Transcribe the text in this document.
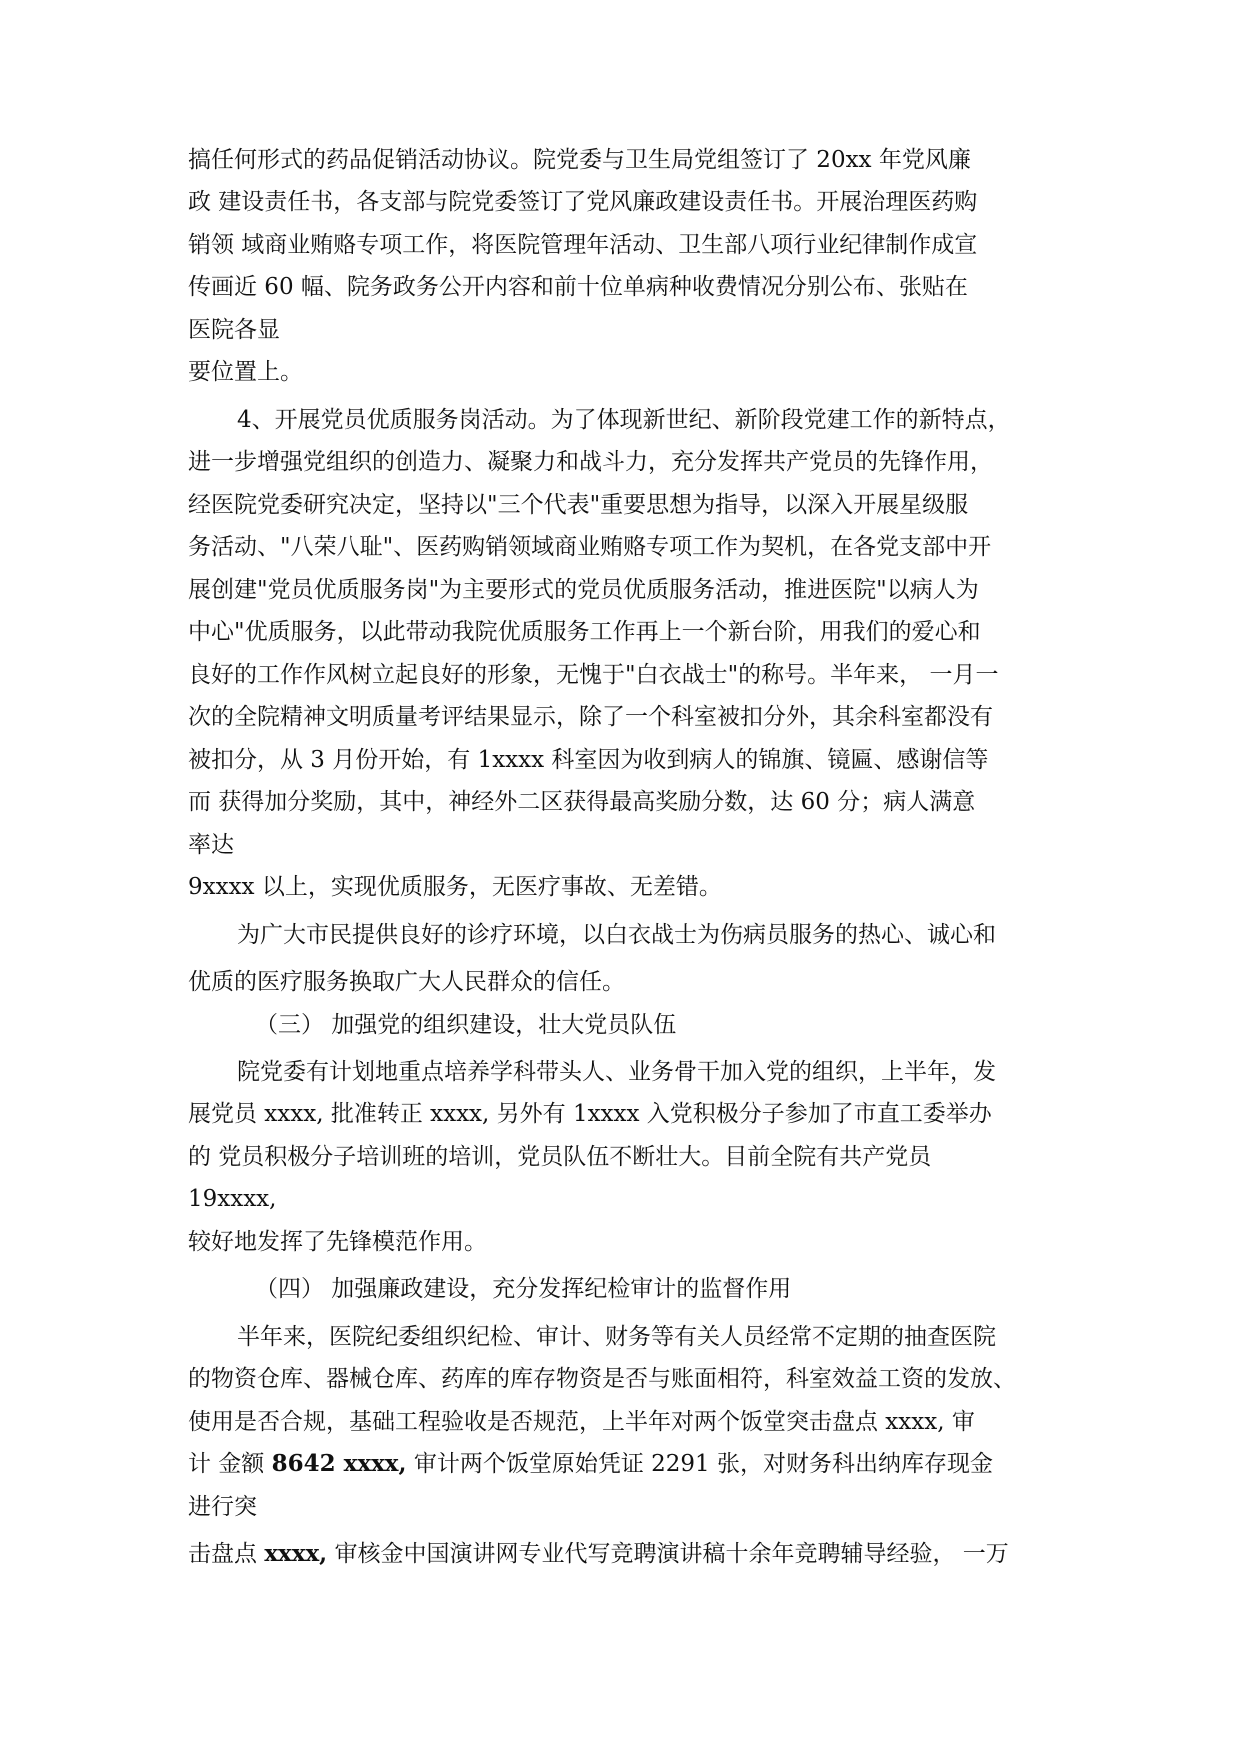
搞任何形式的药品促销活动协议。院党委与卫生局党组签订了 20xx 年党风廉
政 建设责任书，各支部与院党委签订了党风廉政建设责任书。开展治理医药购
销领 域商业贿赂专项工作，将医院管理年活动、卫生部八项行业纪律制作成宣
传画近 60 幅、院务政务公开内容和前十位单病种收费情况分别公布、张贴在
医院各显
要位置上。
4、开展党员优质服务岗活动。为了体现新世纪、新阶段党建工作的新特点，
进一步增强党组织的创造力、凝聚力和战斗力，充分发挥共产党员的先锋作用，
经医院党委研究决定，坚持以"三个代表"重要思想为指导，以深入开展星级服
务活动、"八荣八耻"、医药购销领域商业贿赂专项工作为契机，在各党支部中开
展创建"党员优质服务岗"为主要形式的党员优质服务活动，推进医院"以病人为
中心"优质服务，以此带动我院优质服务工作再上一个新台阶，用我们的爱心和
良好的工作作风树立起良好的形象，无愧于"白衣战士"的称号。半年来， 一月一
次的全院精神文明质量考评结果显示，除了一个科室被扣分外，其余科室都没有
被扣分，从 3 月份开始，有 1xxxx 科室因为收到病人的锦旗、镜匾、感谢信等
而 获得加分奖励，其中，神经外二区获得最高奖励分数，达 60 分；病人满意
率达
9xxxx 以上，实现优质服务，无医疗事故、无差错。
为广大市民提供良好的诊疗环境，以白衣战士为伤病员服务的热心、诚心和
优质的医疗服务换取广大人民群众的信任。
（三） 加强党的组织建设，壮大党员队伍
院党委有计划地重点培养学科带头人、业务骨干加入党的组织，上半年，发
展党员 xxxx, 批准转正 xxxx, 另外有 1xxxx 入党积极分子参加了市直工委举办
的 党员积极分子培训班的培训，党员队伍不断壮大。目前全院有共产党员
19xxxx,
较好地发挥了先锋模范作用。
（四） 加强廉政建设，充分发挥纪检审计的监督作用
半年来，医院纪委组织纪检、审计、财务等有关人员经常不定期的抽查医院
的物资仓库、器械仓库、药库的库存物资是否与账面相符，科室效益工资的发放、
使用是否合规，基础工程验收是否规范，上半年对两个饭堂突击盘点 xxxx, 审
计 金额 8642 xxxx, 审计两个饭堂原始凭证 2291 张，对财务科出纳库存现金
进行突
击盘点 xxxx, 审核金中国演讲网专业代写竞聘演讲稿十余年竞聘辅导经验， 一万
